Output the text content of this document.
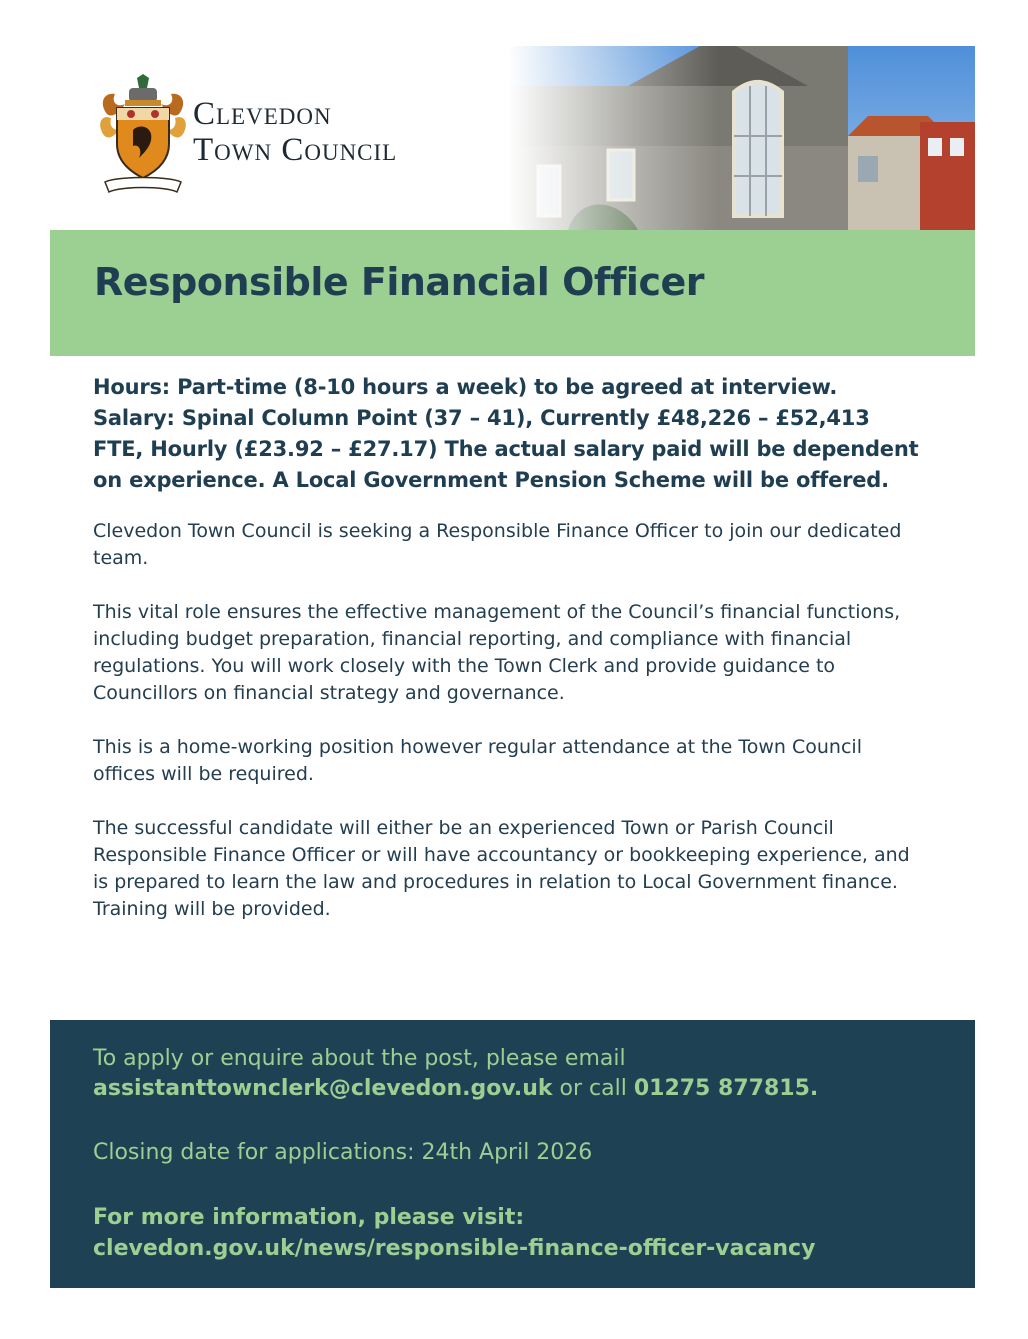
Clevedon
Town Council
Responsible Financial Officer

Hours: Part-time (8-10 hours a week) to be agreed at interview.
Salary: Spinal Column Point (37 – 41), Currently £48,226 – £52,413 FTE, Hourly (£23.92 – £27.17) The actual salary paid will be dependent on experience. A Local Government Pension Scheme will be offered.

Clevedon Town Council is seeking a Responsible Finance Officer to join our dedicated team.

This vital role ensures the effective management of the Council’s financial functions, including budget preparation, financial reporting, and compliance with financial regulations. You will work closely with the Town Clerk and provide guidance to Councillors on financial strategy and governance.

This is a home-working position however regular attendance at the Town Council offices will be required.

The successful candidate will either be an experienced Town or Parish Council Responsible Finance Officer or will have accountancy or bookkeeping experience, and is prepared to learn the law and procedures in relation to Local Government finance. Training will be provided.

To apply or enquire about the post, please email
assistanttownclerk@clevedon.gov.uk or call 01275 877815.

Closing date for applications: 24th April 2026

For more information, please visit:
clevedon.gov.uk/news/responsible-finance-officer-vacancy
